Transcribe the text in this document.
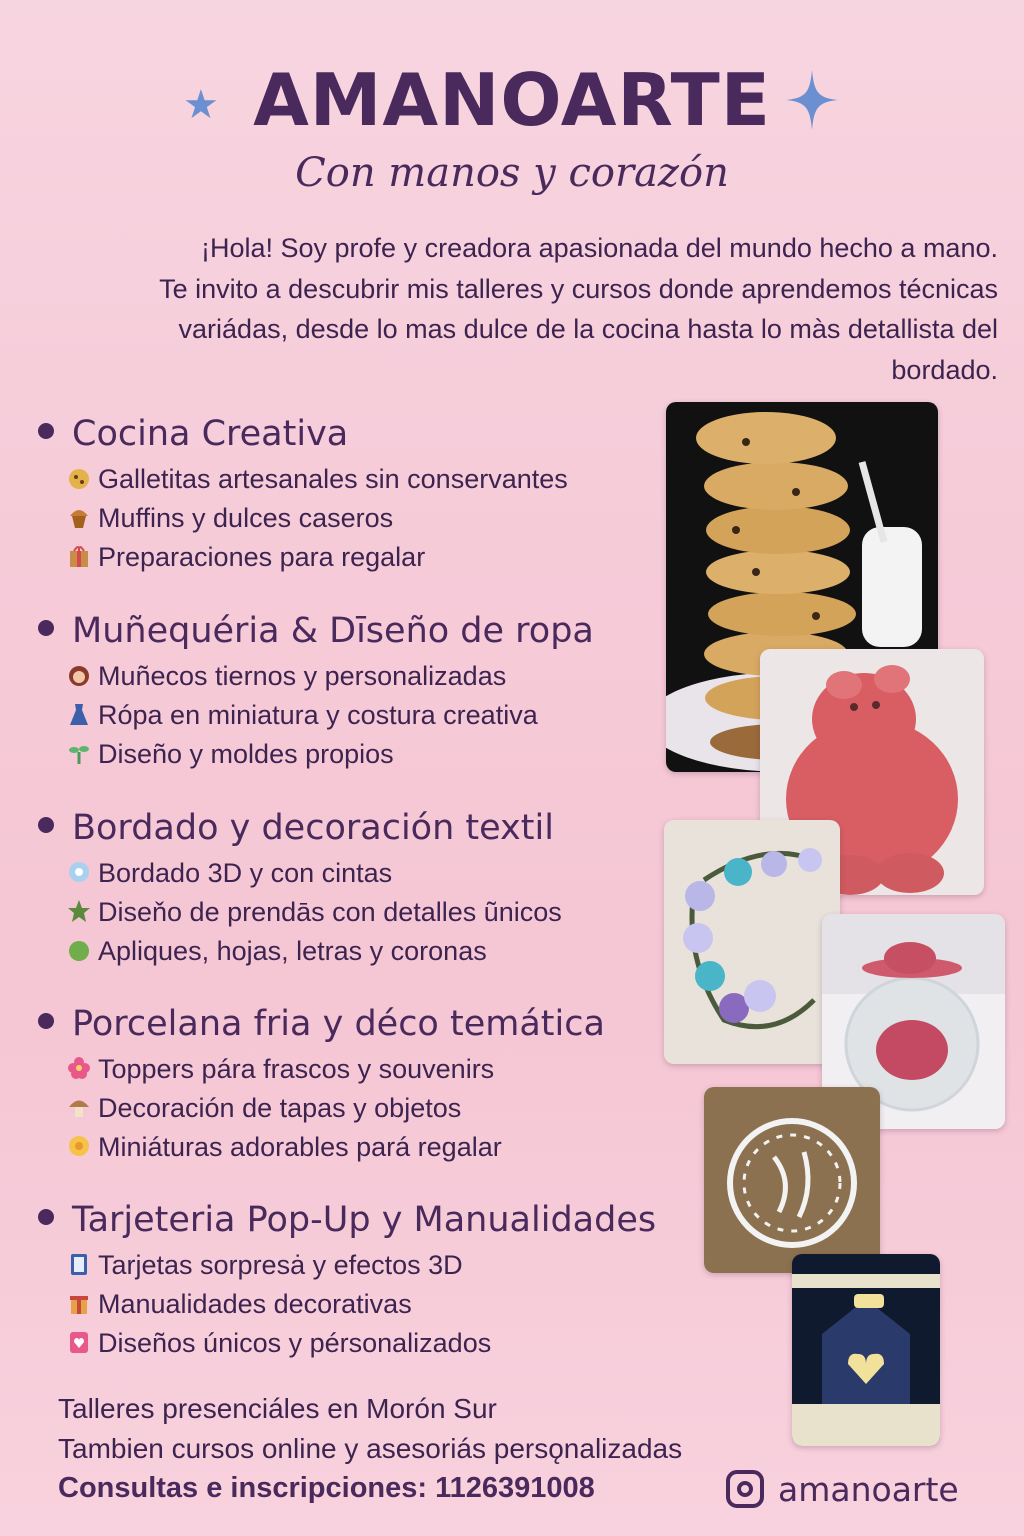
★ AMANOARTE
Con manos y corazón
¡Hola! Soy profe y creadora apasionada del mundo hecho a mano.
Te invito a descubrir mis talleres y cursos donde aprendemos técnicas
variádas, desde lo mas dulce de la cocina hasta lo màs detallista del
bordado.
Cocina Creativa
Galletitas artesanales sin conservantes
Muffins y dulces caseros
Preparaciones para regalar
Muñequéria & Dīseño de ropa
Muñecos tiernos y personalizadas
Rópa en miniatura y costura creativa
Diseño y moldes propios
Bordado y decoración textil
Bordado 3D y con cintas
Diseňo de prendās con detalles ũnicos
Apliques, hojas, letras y coronas
Porcelana fria y déco temática
Toppers pára frascos y souvenirs
Decoración de tapas y objetos
Miniáturas adorables pará regalar
Tarjeteria Pop-Up y Manualidades
Tarjetas sorpresȧ y efectos 3D
Manualidades decorativas
Diseños únicos y pérsonalizados
Talleres presenciáles en Morón Sur
Tambien cursos online y asesoriás persǫnalizadas
Consultas e inscripciones: 1126391008	amanoarte
